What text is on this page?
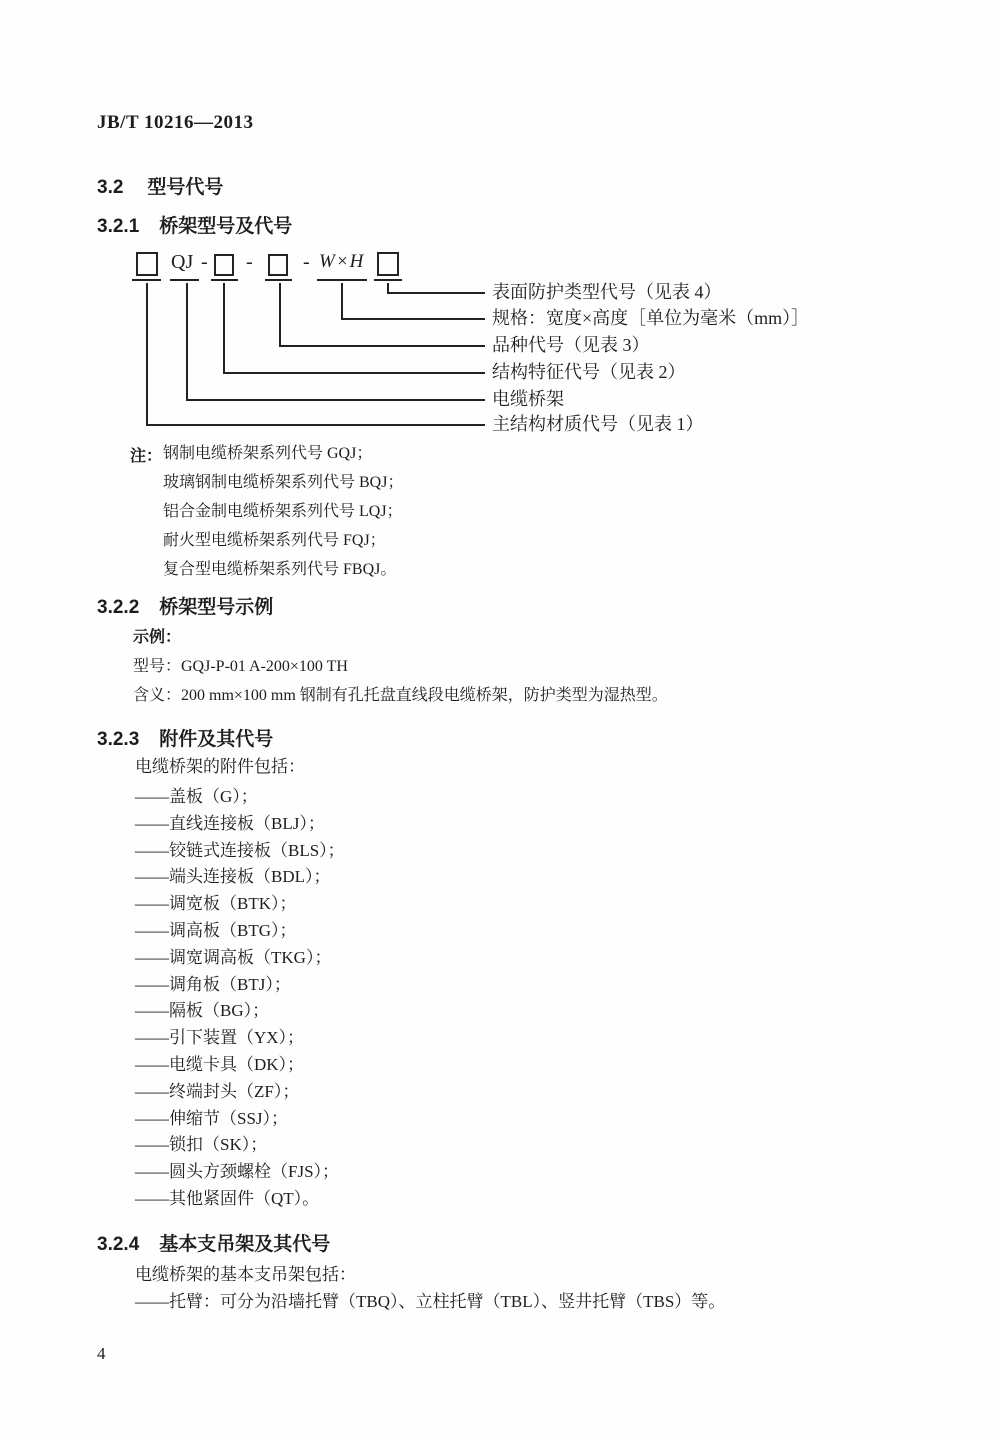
JB/T 10216—2013
3.2 型号代号
3.2.1 桥架型号及代号
QJ - -	- W×H
表面防护类型代号（见表 4）
规格：宽度×高度［单位为毫米（mm）］
品种代号（见表 3）
结构特征代号（见表 2）
电缆桥架
主结构材质代号（见表 1）
注： 钢制电缆桥架系列代号 GQJ；
玻璃钢制电缆桥架系列代号 BQJ；
铝合金制电缆桥架系列代号 LQJ；
耐火型电缆桥架系列代号 FQJ；
复合型电缆桥架系列代号 FBQJ。
3.2.2 桥架型号示例
示例：
型号：GQJ-P-01 A-200×100 TH
含义：200 mm×100 mm 钢制有孔托盘直线段电缆桥架，防护类型为湿热型。
3.2.3 附件及其代号
电缆桥架的附件包括：
——盖板（G）；
——直线连接板（BLJ）；
——铰链式连接板（BLS）；
——端头连接板（BDL）；
——调宽板（BTK）；
——调高板（BTG）；
——调宽调高板（TKG）；
——调角板（BTJ）；
——隔板（BG）；
——引下装置（YX）；
——电缆卡具（DK）；
——终端封头（ZF）；
——伸缩节（SSJ）；
——锁扣（SK）；
——圆头方颈螺栓（FJS）；
——其他紧固件（QT）。
3.2.4 基本支吊架及其代号
电缆桥架的基本支吊架包括：
——托臂：可分为沿墙托臂（TBQ）、立柱托臂（TBL）、竖井托臂（TBS）等。
4
